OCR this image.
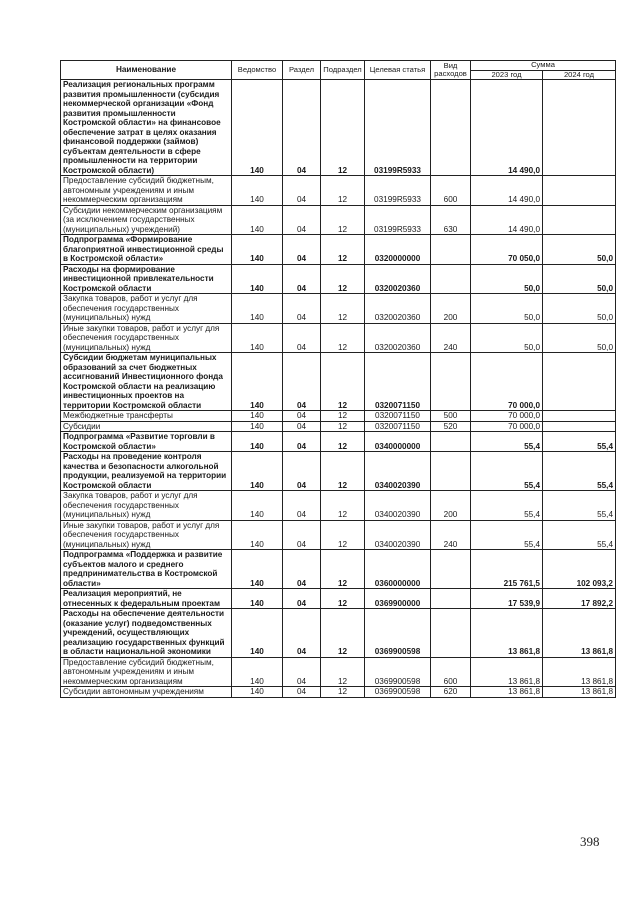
Наименование	Ведомство	Раздел	Подраздел	Целевая статья	Вид расходов	Сумма	
						2023 год	2024 год
Реализация региональных программ развития промышленности (субсидия некоммерческой организации «Фонд развития промышленности Костромской области» на финансовое обеспечение затрат в целях оказания финансовой поддержки (займов) субъектам деятельности в сфере промышленности на территории Костромской области)	140	04	12	03199R5933		14 490,0	
Предоставление субсидий бюджетным, автономным учреждениям и иным некоммерческим организациям	140	04	12	03199R5933	600	14 490,0	
Субсидии некоммерческим организациям (за исключением государственных (муниципальных) учреждений)	140	04	12	03199R5933	630	14 490,0	
Подпрограмма «Формирование благоприятной инвестиционной среды в Костромской области»	140	04	12	0320000000		70 050,0	50,0
Расходы на формирование инвестиционной привлекательности Костромской области	140	04	12	0320020360		50,0	50,0
Закупка товаров, работ и услуг для обеспечения государственных (муниципальных) нужд	140	04	12	0320020360	200	50,0	50,0
Иные закупки товаров, работ и услуг для обеспечения государственных (муниципальных) нужд	140	04	12	0320020360	240	50,0	50,0
Субсидии бюджетам муниципальных образований за счет бюджетных ассигнований Инвестиционного фонда Костромской области на реализацию инвестиционных проектов на территории Костромской области	140	04	12	0320071150		70 000,0	
Межбюджетные трансферты	140	04	12	0320071150	500	70 000,0	
Субсидии	140	04	12	0320071150	520	70 000,0	
Подпрограмма «Развитие торговли в Костромской области»	140	04	12	0340000000		55,4	55,4
Расходы на проведение контроля качества и безопасности алкогольной продукции, реализуемой на территории Костромской области	140	04	12	0340020390		55,4	55,4
Закупка товаров, работ и услуг для обеспечения государственных (муниципальных) нужд	140	04	12	0340020390	200	55,4	55,4
Иные закупки товаров, работ и услуг для обеспечения государственных (муниципальных) нужд	140	04	12	0340020390	240	55,4	55,4
Подпрограмма «Поддержка и развитие субъектов малого и среднего предпринимательства в Костромской области»	140	04	12	0360000000		215 761,5	102 093,2
Реализация мероприятий, не отнесенных к федеральным проектам	140	04	12	0369900000		17 539,9	17 892,2
Расходы на обеспечение деятельности (оказание услуг) подведомственных учреждений, осуществляющих реализацию государственных функций в области национальной экономики	140	04	12	0369900598		13 861,8	13 861,8
Предоставление субсидий бюджетным, автономным учреждениям и иным некоммерческим организациям	140	04	12	0369900598	600	13 861,8	13 861,8
Субсидии автономным учреждениям	140	04	12	0369900598	620	13 861,8	13 861,8
398
